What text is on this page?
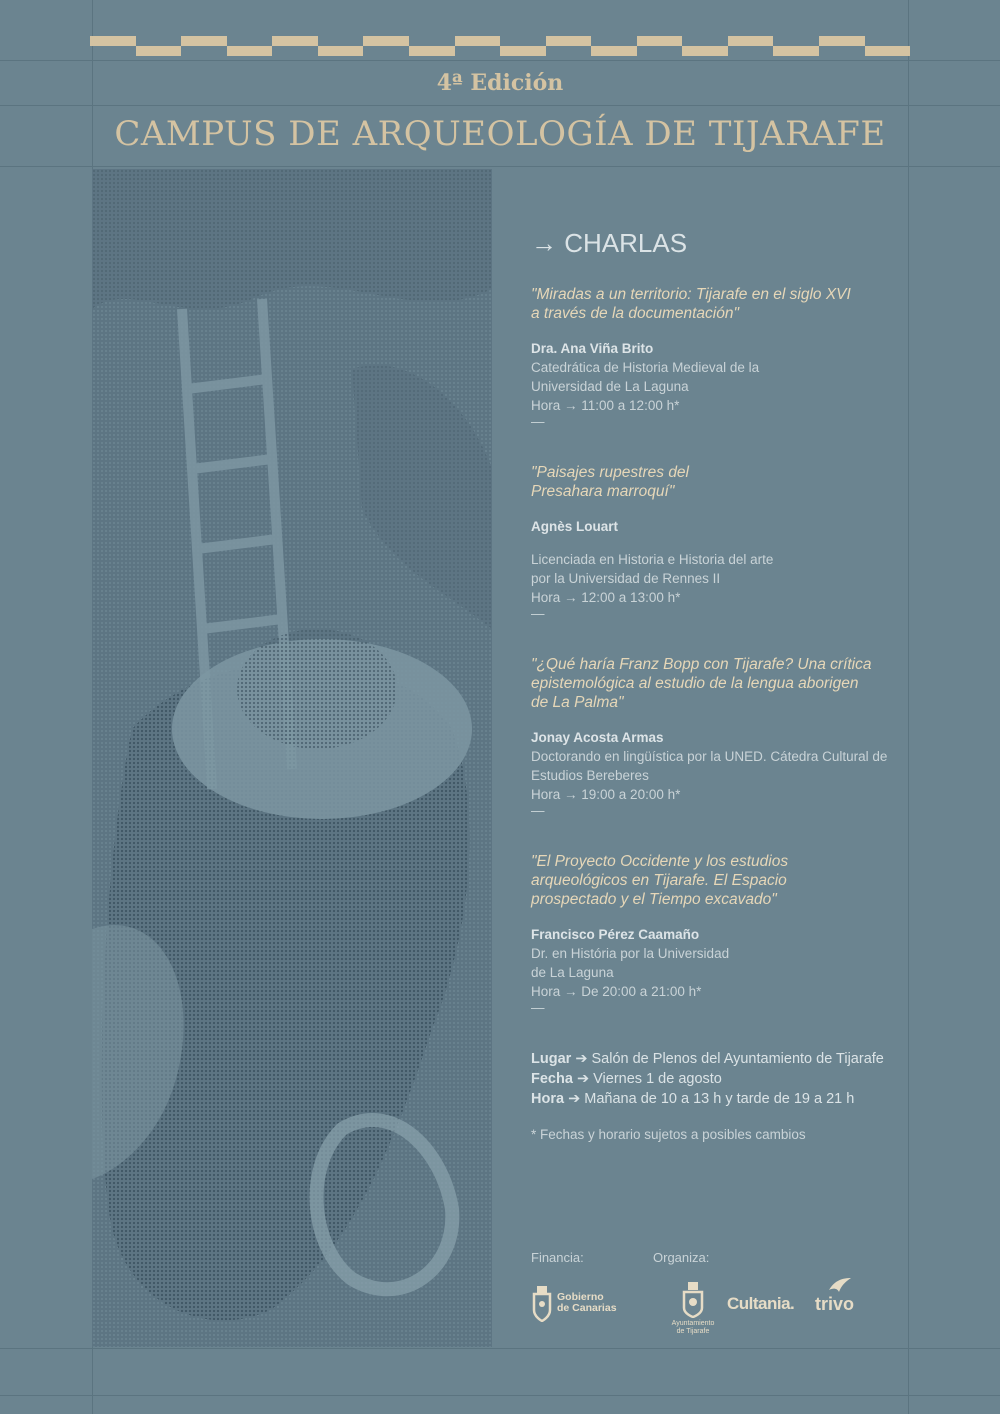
4ª Edición
CAMPUS DE ARQUEOLOGÍA DE TIJARAFE
→ CHARLAS
"Miradas a un territorio: Tijarafe en el siglo XVI
a través de la documentación"
Dra. Ana Viña Brito
Catedrática de Historia Medieval de la
Universidad de La Laguna
Hora → 11:00 a 12:00 h*
—
"Paisajes rupestres del
Presahara marroquí"
Agnès Louart
Licenciada en Historia e Historia del arte
por la Universidad de Rennes II
Hora → 12:00 a 13:00 h*
—
"¿Qué haría Franz Bopp con Tijarafe? Una crítica
epistemológica al estudio de la lengua aborigen
de La Palma"
Jonay Acosta Armas
Doctorando en lingüística por la UNED. Cátedra Cultural de
Estudios Bereberes
Hora → 19:00 a 20:00 h*
—
"El Proyecto Occidente y los estudios
arqueológicos en Tijarafe. El Espacio
prospectado y el Tiempo excavado"
Francisco Pérez Caamaño
Dr. en História por la Universidad
de La Laguna
Hora → De 20:00 a 21:00 h*
—
Lugar ➔ Salón de Plenos del Ayuntamiento de Tijarafe
Fecha ➔ Viernes 1 de agosto
Hora ➔ Mañana de 10 a 13 h y tarde de 19 a 21 h
* Fechas y horario sujetos a posibles cambios
Financia:	Organiza:
Gobierno
de Canarias
Ayuntamiento
de Tijarafe
Cultania. trivo
